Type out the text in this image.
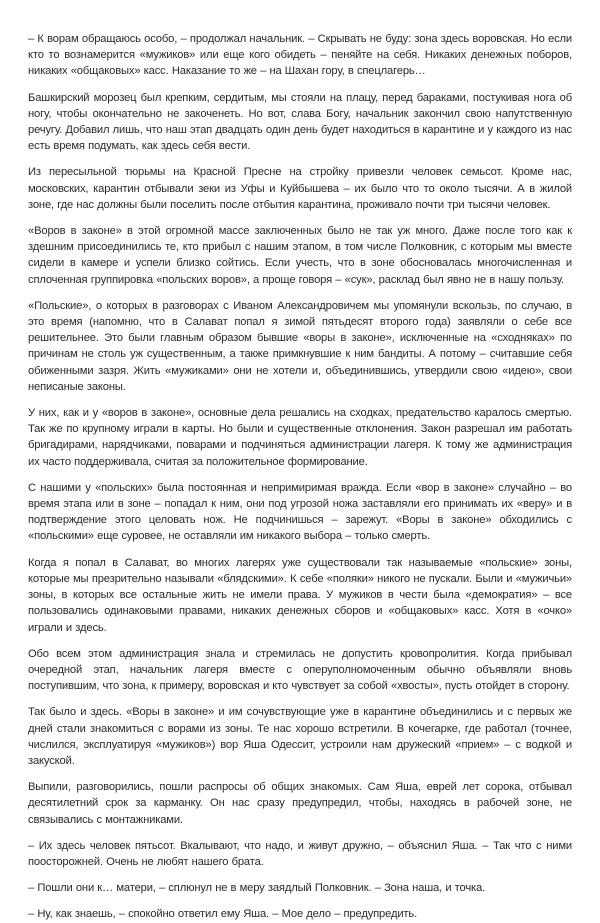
– К ворам обращаюсь особо, – продолжал начальник. – Скрывать не буду: зона здесь воровская. Но если кто то вознамерится «мужиков» или еще кого обидеть – пеняйте на себя. Никаких денежных поборов, никаких «общаковых» касс. Наказание то же – на Шахан гору, в спецлагерь…

Башкирский морозец был крепким, сердитым, мы стояли на плацу, перед бараками, постукивая нога об ногу, чтобы окончательно не закоченеть. Но вот, слава Богу, начальник закончил свою напутственную речугу. Добавил лишь, что наш этап двадцать один день будет находиться в карантине и у каждого из нас есть время подумать, как здесь себя вести.

Из пересыльной тюрьмы на Красной Пресне на стройку привезли человек семьсот. Кроме нас, московских, карантин отбывали зеки из Уфы и Куйбышева – их было что то около тысячи. А в жилой зоне, где нас должны были поселить после отбытия карантина, проживало почти три тысячи человек.

«Воров в законе» в этой огромной массе заключенных было не так уж много. Даже после того как к здешним присоединились те, кто прибыл с нашим этапом, в том числе Полковник, с которым мы вместе сидели в камере и успели близко сойтись. Если учесть, что в зоне обосновалась многочисленная и сплоченная группировка «польских воров», а проще говоря – «сук», расклад был явно не в нашу пользу.

«Польские», о которых в разговорах с Иваном Александровичем мы упомянули вскользь, по случаю, в это время (напомню, что в Салават попал я зимой пятьдесят второго года) заявляли о себе все решительнее. Это были главным образом бывшие «воры в законе», исключенные на «сходняках» по причинам не столь уж существенным, а также примкнувшие к ним бандиты. А потому – считавшие себя обиженными зазря. Жить «мужиками» они не хотели и, объединившись, утвердили свою «идею», свои неписаные законы.

У них, как и у «воров в законе», основные дела решались на сходках, предательство каралось смертью. Так же по крупному играли в карты. Но были и существенные отклонения. Закон разрешал им работать бригадирами, нарядчиками, поварами и подчиняться администрации лагеря. К тому же администрация их часто поддерживала, считая за положительное формирование.

С нашими у «польских» была постоянная и непримиримая вражда. Если «вор в законе» случайно – во время этапа или в зоне – попадал к ним, они под угрозой ножа заставляли его принимать их «веру» и в подтверждение этого целовать нож. Не подчинишься – зарежут. «Воры в законе» обходились с «польскими» еще суровее, не оставляли им никакого выбора – только смерть.

Когда я попал в Салават, во многих лагерях уже существовали так называемые «польские» зоны, которые мы презрительно называли «блядскими». К себе «поляки» никого не пускали. Были и «мужичьи» зоны, в которых все остальные жить не имели права. У мужиков в чести была «демократия» – все пользовались одинаковыми правами, никаких денежных сборов и «общаковых» касс. Хотя в «очко» играли и здесь.

Обо всем этом администрация знала и стремилась не допустить кровопролития. Когда прибывал очередной этап, начальник лагеря вместе с оперуполномоченным обычно объявляли вновь поступившим, что зона, к примеру, воровская и кто чувствует за собой «хвосты», пусть отойдет в сторону.

Так было и здесь. «Воры в законе» и им сочувствующие уже в карантине объединились и с первых же дней стали знакомиться с ворами из зоны. Те нас хорошо встретили. В кочегарке, где работал (точнее, числился, эксплуатируя «мужиков») вор Яша Одессит, устроили нам дружеский «прием» – с водкой и закуской.

Выпили, разговорились, пошли распросы об общих знакомых. Сам Яша, еврей лет сорока, отбывал десятилетний срок за карманку. Он нас сразу предупредил, чтобы, находясь в рабочей зоне, не связывались с монтажниками.

– Их здесь человек пятьсот. Вкалывают, что надо, и живут дружно, – объяснил Яша. – Так что с ними поосторожней. Очень не любят нашего брата.

– Пошли они к… матери, – сплюнул не в меру заядлый Полковник. – Зона наша, и точка.

– Ну, как знаешь, – спокойно ответил ему Яша. – Мое дело – предупредить.
